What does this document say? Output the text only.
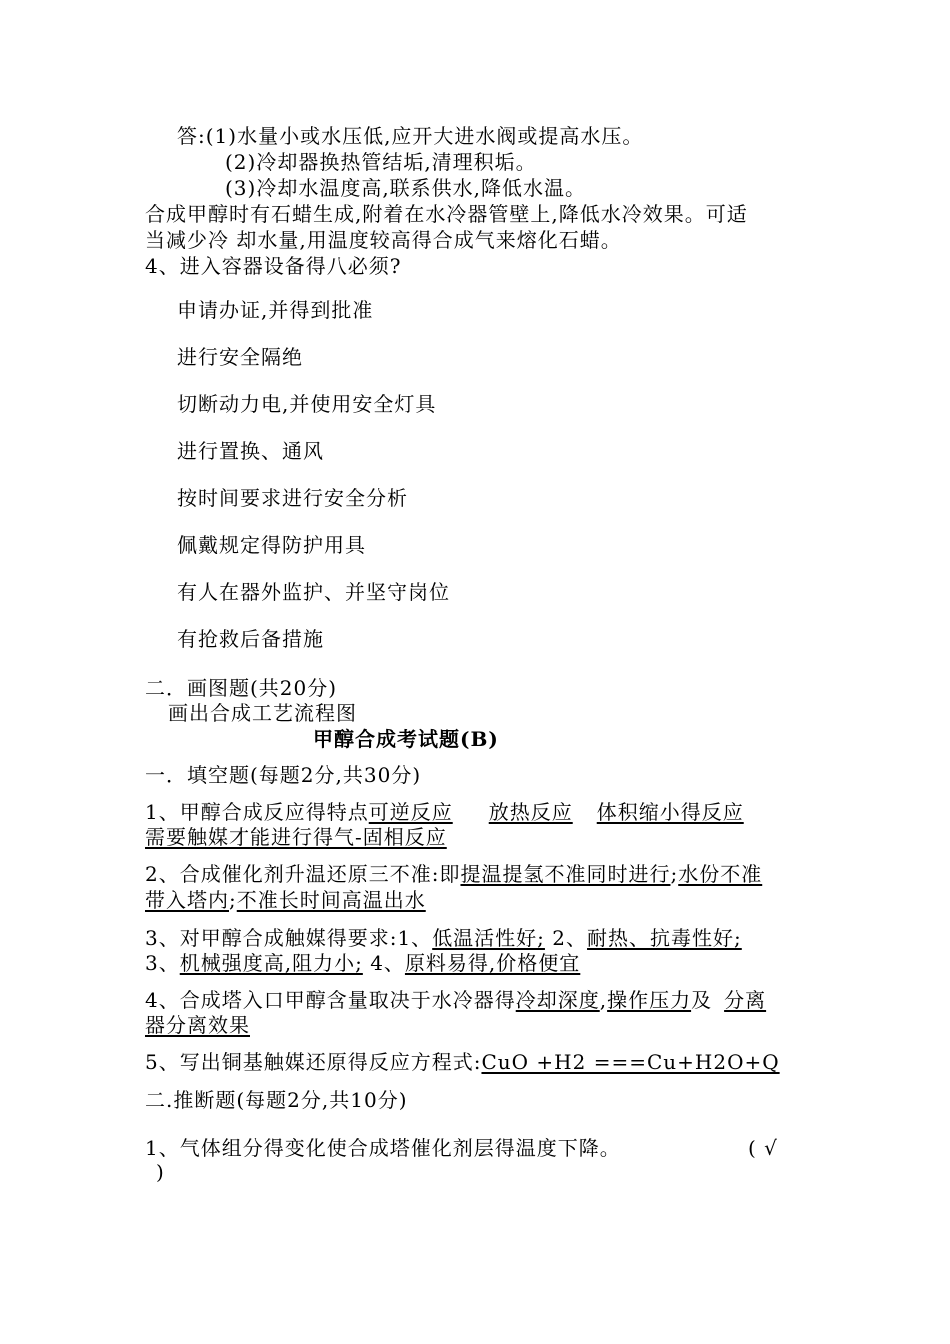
答:(1)水量小或水压低,应开大进水阀或提高水压。
(2)冷却器换热管结垢,清理积垢。
(3)冷却水温度高,联系供水,降低水温。
合成甲醇时有石蜡生成,附着在水冷器管壁上,降低水冷效果。可适
当减少冷 却水量,用温度较高得合成气来熔化石蜡。
4、进入容器设备得八必须?
申请办证,并得到批准
进行安全隔绝
切断动力电,并使用安全灯具
进行置换、通风
按时间要求进行安全分析
佩戴规定得防护用具
有人在器外监护、并坚守岗位
有抢救后备措施
二．画图题(共20分)
画出合成工艺流程图
甲醇合成考试题(B)
一．填空题(每题2分,共30分)
1、甲醇合成反应得特点可逆反应 放热反应 体积缩小得反应
需要触媒才能进行得气-固相反应
2、合成催化剂升温还原三不准:即提温提氢不准同时进行;水份不准
带入塔内;不准长时间高温出水
3、对甲醇合成触媒得要求:1、低温活性好; 2、耐热、抗毒性好;
3、机械强度高,阻力小; 4、原料易得,价格便宜
4、合成塔入口甲醇含量取决于水冷器得冷却深度,操作压力及 分离
器分离效果
5、写出铜基触媒还原得反应方程式:CuO +H2 ===Cu+H2O+Q
二.推断题(每题2分,共10分)
1、气体组分得变化使合成塔催化剂层得温度下降。	( √
)
